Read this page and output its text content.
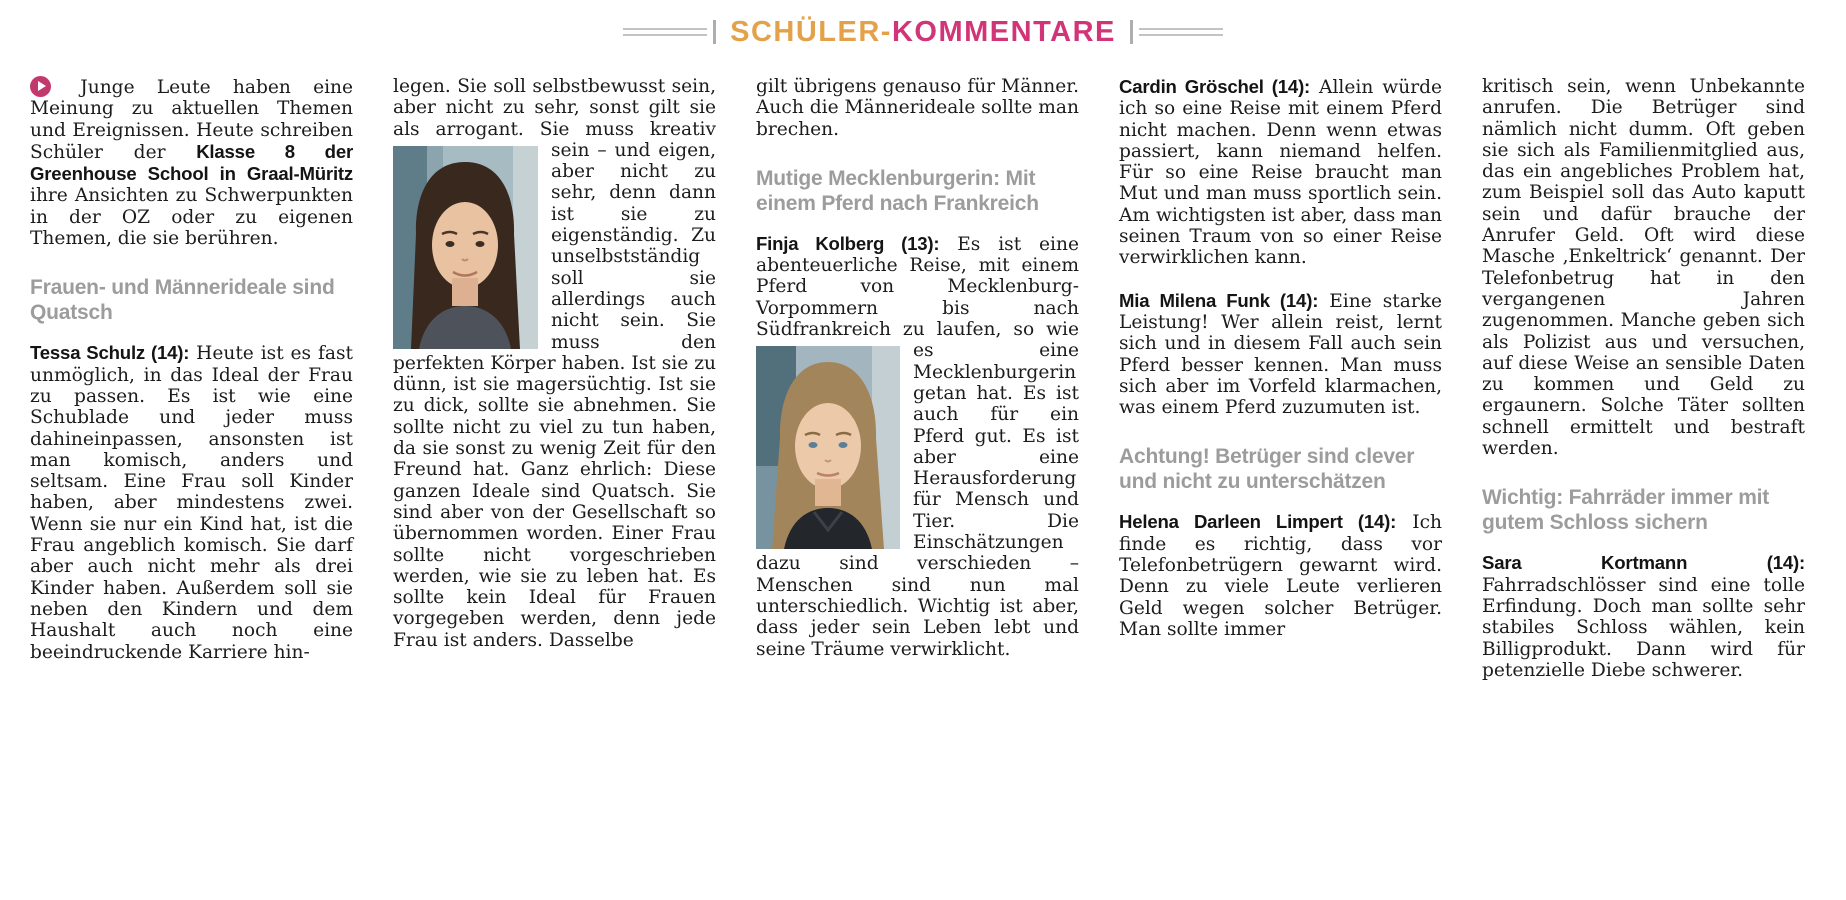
SCHÜLER-KOMMENTARE

Junge Leute haben eine Meinung zu aktuellen Themen und Ereignissen. Heute schreiben Schüler der Klasse 8 der Greenhouse School in Graal-Müritz ihre Ansichten zu Schwerpunkten in der OZ oder zu eigenen Themen, die sie berühren.

Frauen- und Männerideale sind Quatsch

Tessa Schulz (14): Heute ist es fast unmöglich, in das Ideal der Frau zu passen. Es ist wie eine Schublade und jeder muss dahineinpassen, ansonsten ist man komisch, anders und seltsam. Eine Frau soll Kinder haben, aber mindestens zwei. Wenn sie nur ein Kind hat, ist die Frau angeblich komisch. Sie darf aber auch nicht mehr als drei Kinder haben. Außerdem soll sie neben den Kindern und dem Haushalt auch noch eine beeindruckende Karriere hin-

legen. Sie soll selbstbewusst sein, aber nicht zu sehr, sonst gilt sie als arrogant. Sie muss kreativ sein – und eigen, aber nicht zu sehr, denn dann ist sie zu eigenständig. Zu unselbstständig soll sie allerdings auch nicht sein. Sie muss den perfekten Körper haben. Ist sie zu dünn, ist sie magersüchtig. Ist sie zu dick, sollte sie abnehmen. Sie sollte nicht zu viel zu tun haben, da sie sonst zu wenig Zeit für den Freund hat. Ganz ehrlich: Diese ganzen Ideale sind Quatsch. Sie sind aber von der Gesellschaft so übernommen worden. Einer Frau sollte nicht vorgeschrieben werden, wie sie zu leben hat. Es sollte kein Ideal für Frauen vorgegeben werden, denn jede Frau ist anders. Dasselbe

gilt übrigens genauso für Männer. Auch die Männerideale sollte man brechen.

Mutige Mecklenburgerin: Mit einem Pferd nach Frankreich

Finja Kolberg (13): Es ist eine abenteuerliche Reise, mit einem Pferd von Mecklenburg-Vorpommern bis nach Südfrankreich zu laufen, so wie es eine Mecklenburgerin getan hat. Es ist auch für ein Pferd gut. Es ist aber eine Herausforderung für Mensch und Tier. Die Einschätzungen dazu sind verschieden – Menschen sind nun mal unterschiedlich. Wichtig ist aber, dass jeder sein Leben lebt und seine Träume verwirklicht.

Cardin Gröschel (14): Allein würde ich so eine Reise mit einem Pferd nicht machen. Denn wenn etwas passiert, kann niemand helfen. Für so eine Reise braucht man Mut und man muss sportlich sein. Am wichtigsten ist aber, dass man seinen Traum von so einer Reise verwirklichen kann.

Mia Milena Funk (14): Eine starke Leistung! Wer allein reist, lernt sich und in diesem Fall auch sein Pferd besser kennen. Man muss sich aber im Vorfeld klarmachen, was einem Pferd zuzumuten ist.

Achtung! Betrüger sind clever und nicht zu unterschätzen

Helena Darleen Limpert (14): Ich finde es richtig, dass vor Telefonbetrügern gewarnt wird. Denn zu viele Leute verlieren Geld wegen solcher Betrüger. Man sollte immer

kritisch sein, wenn Unbekannte anrufen. Die Betrüger sind nämlich nicht dumm. Oft geben sie sich als Familienmitglied aus, das ein angebliches Problem hat, zum Beispiel soll das Auto kaputt sein und dafür brauche der Anrufer Geld. Oft wird diese Masche ‚Enkeltrick‘ genannt. Der Telefonbetrug hat in den vergangenen Jahren zugenommen. Manche geben sich als Polizist aus und versuchen, auf diese Weise an sensible Daten zu kommen und Geld zu ergaunern. Solche Täter sollten schnell ermittelt und bestraft werden.

Wichtig: Fahrräder immer mit gutem Schloss sichern

Sara Kortmann (14): Fahrradschlösser sind eine tolle Erfindung. Doch man sollte sehr stabiles Schloss wählen, kein Billigprodukt. Dann wird für petenzielle Diebe schwerer.
